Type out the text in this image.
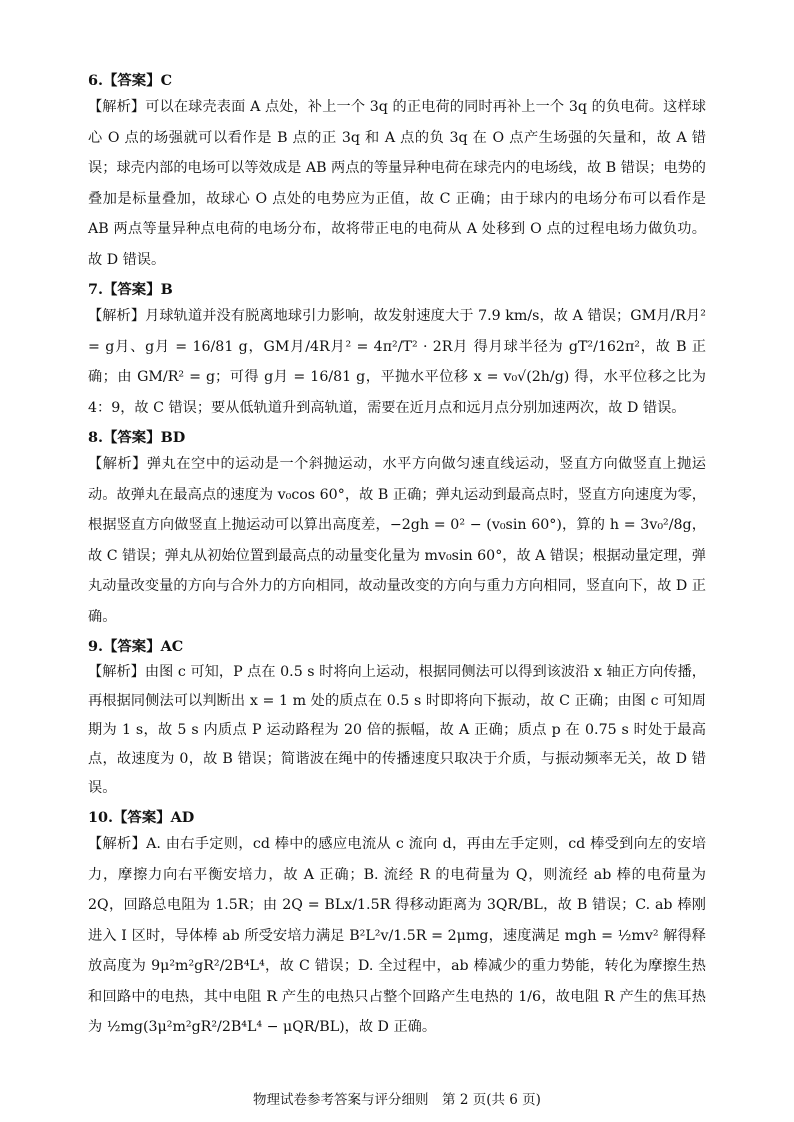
6.【答案】C

【解析】可以在球壳表面 A 点处，补上一个 3q 的正电荷的同时再补上一个 3q 的负电荷。这样球心 O 点的场强就可以看作是 B 点的正 3q 和 A 点的负 3q 在 O 点产生场强的矢量和，故 A 错误；球壳内部的电场可以等效成是 AB 两点的等量异种电荷在球壳内的电场线，故 B 错误；电势的叠加是标量叠加，故球心 O 点处的电势应为正值，故 C 正确；由于球内的电场分布可以看作是 AB 两点等量异种点电荷的电场分布，故将带正电的电荷从 A 处移到 O 点的过程电场力做负功。故 D 错误。

7.【答案】B

【解析】月球轨道并没有脱离地球引力影响，故发射速度大于 7.9 km/s，故 A 错误；GM月/R月² = g月、g月 = 16/81 g，GM月/4R月² = 4π²/T² · 2R月 得月球半径为 gT²/162π²，故 B 正确；由 GM/R² = g；可得 g月 = 16/81 g，平抛水平位移 x = v₀√(2h/g) 得，水平位移之比为 4：9，故 C 错误；要从低轨道升到高轨道，需要在近月点和远月点分别加速两次，故 D 错误。

8.【答案】BD

【解析】弹丸在空中的运动是一个斜抛运动，水平方向做匀速直线运动，竖直方向做竖直上抛运动。故弹丸在最高点的速度为 v₀cos 60°，故 B 正确；弹丸运动到最高点时，竖直方向速度为零，根据竖直方向做竖直上抛运动可以算出高度差，−2gh = 0² − (v₀sin 60°)，算的 h = 3v₀²/8g，故 C 错误；弹丸从初始位置到最高点的动量变化量为 mv₀sin 60°，故 A 错误；根据动量定理，弹丸动量改变量的方向与合外力的方向相同，故动量改变的方向与重力方向相同，竖直向下，故 D 正确。

9.【答案】AC

【解析】由图 c 可知，P 点在 0.5 s 时将向上运动，根据同侧法可以得到该波沿 x 轴正方向传播，再根据同侧法可以判断出 x = 1 m 处的质点在 0.5 s 时即将向下振动，故 C 正确；由图 c 可知周期为 1 s，故 5 s 内质点 P 运动路程为 20 倍的振幅，故 A 正确；质点 p 在 0.75 s 时处于最高点，故速度为 0，故 B 错误；简谐波在绳中的传播速度只取决于介质，与振动频率无关，故 D 错误。

10.【答案】AD

【解析】A. 由右手定则，cd 棒中的感应电流从 c 流向 d，再由左手定则，cd 棒受到向左的安培力，摩擦力向右平衡安培力，故 A 正确；B. 流经 R 的电荷量为 Q，则流经 ab 棒的电荷量为 2Q，回路总电阻为 1.5R；由 2Q = BLx/1.5R 得移动距离为 3QR/BL，故 B 错误；C. ab 棒刚进入 Ⅰ 区时，导体棒 ab 所受安培力满足 B²L²v/1.5R = 2μmg，速度满足 mgh = ½mv² 解得释放高度为 9μ²m²gR²/2B⁴L⁴，故 C 错误；D. 全过程中，ab 棒减少的重力势能，转化为摩擦生热和回路中的电热，其中电阻 R 产生的电热只占整个回路产生电热的 1/6，故电阻 R 产生的焦耳热为 ½mg(3μ²m²gR²/2B⁴L⁴ − μQR/BL)，故 D 正确。

物理试卷参考答案与评分细则　第 2 页(共 6 页)
